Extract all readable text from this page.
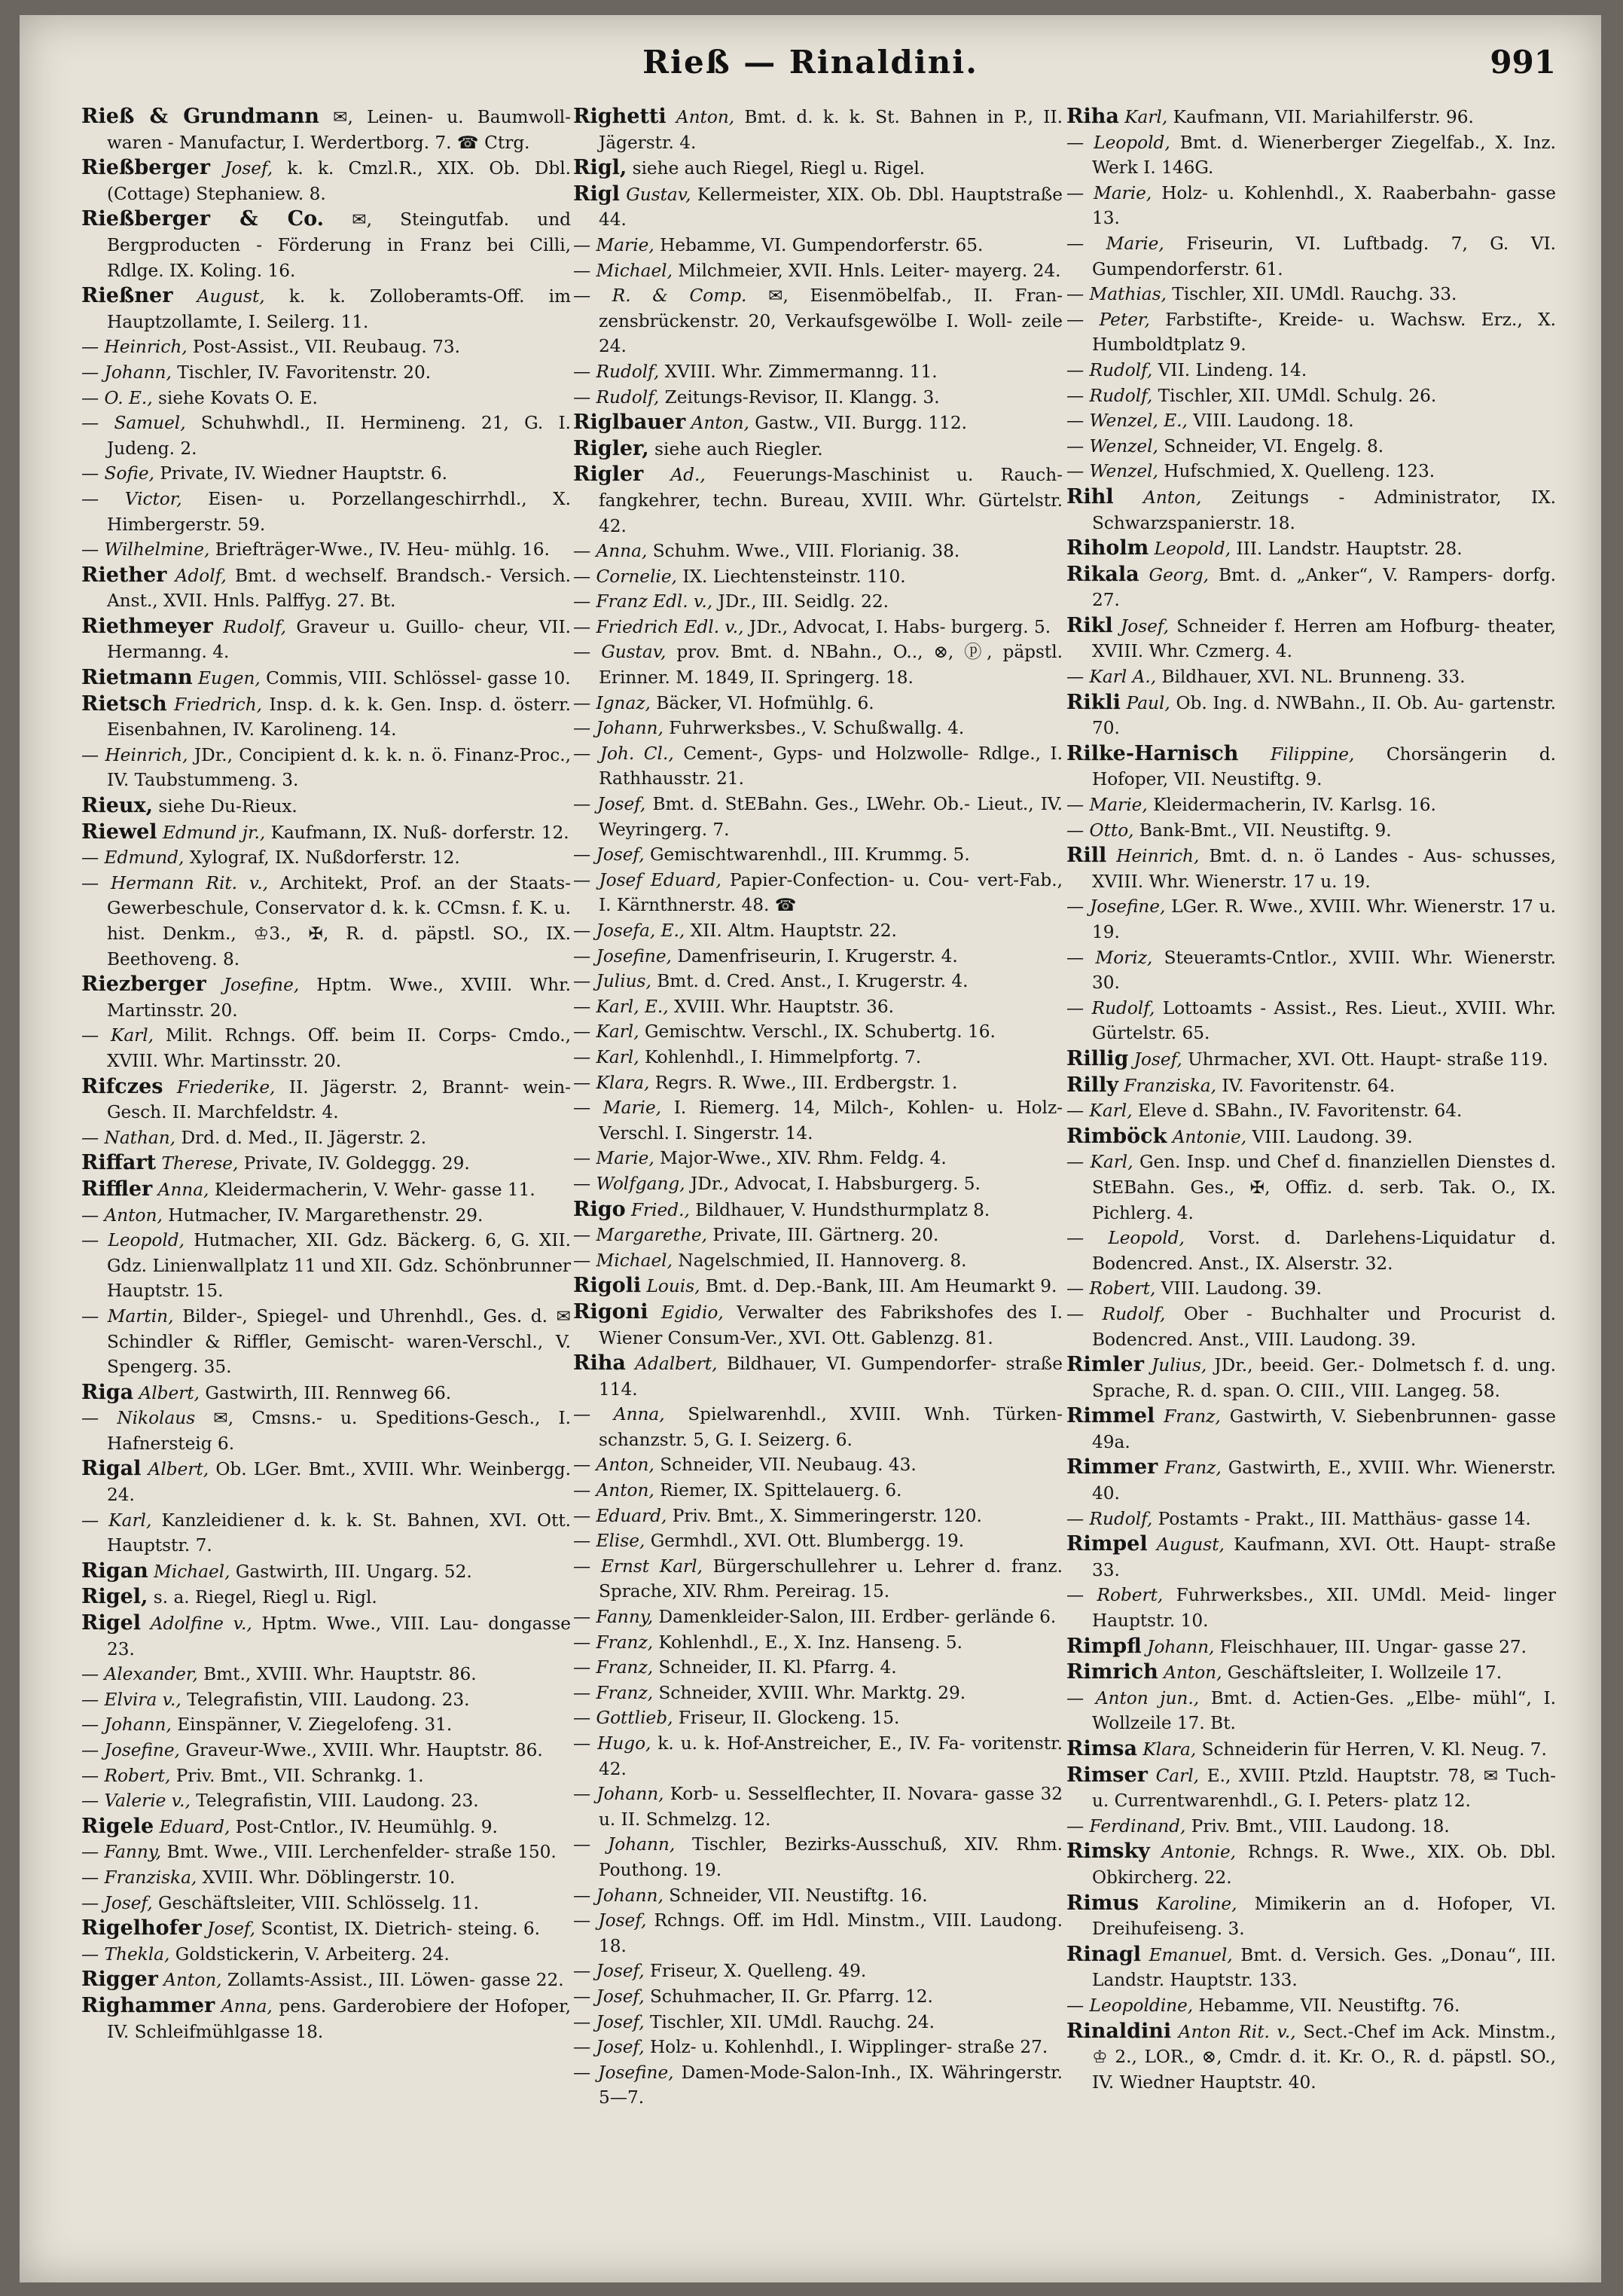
Rieß — Rinaldini.	991

Rieß & Grundmann ✉, Leinen- u. Baumwoll- waren - Manufactur, I. Werdertborg. 7. ☎ Ctrg.

Rießberger Josef, k. k. Cmzl.R., XIX. Ob. Dbl. (Cottage) Stephaniew. 8.

Rießberger & Co. ✉, Steingutfab. und Bergproducten - Förderung in Franz bei Cilli, Rdlge. IX. Koling. 16.

Rießner August, k. k. Zolloberamts-Off. im Hauptzollamte, I. Seilerg. 11.

— Heinrich, Post-Assist., VII. Reubaug. 73.

— Johann, Tischler, IV. Favoritenstr. 20.

— O. E., siehe Kovats O. E.

— Samuel, Schuhwhdl., II. Hermineng. 21, G. I. Judeng. 2.

— Sofie, Private, IV. Wiedner Hauptstr. 6.

— Victor, Eisen- u. Porzellangeschirrhdl., X. Himbergerstr. 59.

— Wilhelmine, Briefträger-Wwe., IV. Heu- mühlg. 16.

Riether Adolf, Bmt. d wechself. Brandsch.- Versich. Anst., XVII. Hnls. Palffyg. 27. Bt.

Riethmeyer Rudolf, Graveur u. Guillo- cheur, VII. Hermanng. 4.

Rietmann Eugen, Commis, VIII. Schlössel- gasse 10.

Rietsch Friedrich, Insp. d. k. k. Gen. Insp. d. österr. Eisenbahnen, IV. Karolineng. 14.

— Heinrich, JDr., Concipient d. k. k. n. ö. Finanz-Proc., IV. Taubstummeng. 3.

Rieux, siehe Du-Rieux.

Riewel Edmund jr., Kaufmann, IX. Nuß- dorferstr. 12.

— Edmund, Xylograf, IX. Nußdorferstr. 12.

— Hermann Rit. v., Architekt, Prof. an der Staats-Gewerbeschule, Conservator d. k. k. CCmsn. f. K. u. hist. Denkm., ♔3., ✠, R. d. päpstl. SO., IX. Beethoveng. 8.

Riezberger Josefine, Hptm. Wwe., XVIII. Whr. Martinsstr. 20.

— Karl, Milit. Rchngs. Off. beim II. Corps- Cmdo., XVIII. Whr. Martinsstr. 20.

Rifczes Friederike, II. Jägerstr. 2, Brannt- wein-Gesch. II. Marchfeldstr. 4.

— Nathan, Drd. d. Med., II. Jägerstr. 2.

Riffart Therese, Private, IV. Goldeggg. 29.

Riffler Anna, Kleidermacherin, V. Wehr- gasse 11.

— Anton, Hutmacher, IV. Margarethenstr. 29.

— Leopold, Hutmacher, XII. Gdz. Bäckerg. 6, G. XII. Gdz. Linienwallplatz 11 und XII. Gdz. Schönbrunner Hauptstr. 15.

— Martin, Bilder-, Spiegel- und Uhrenhdl., Ges. d. ✉ Schindler & Riffler, Gemischt- waren-Verschl., V. Spengerg. 35.

Riga Albert, Gastwirth, III. Rennweg 66.

— Nikolaus ✉, Cmsns.- u. Speditions-Gesch., I. Hafnersteig 6.

Rigal Albert, Ob. LGer. Bmt., XVIII. Whr. Weinbergg. 24.

— Karl, Kanzleidiener d. k. k. St. Bahnen, XVI. Ott. Hauptstr. 7.

Rigan Michael, Gastwirth, III. Ungarg. 52.

Rigel, s. a. Riegel, Riegl u. Rigl.

Rigel Adolfine v., Hptm. Wwe., VIII. Lau- dongasse 23.

— Alexander, Bmt., XVIII. Whr. Hauptstr. 86.

— Elvira v., Telegrafistin, VIII. Laudong. 23.

— Johann, Einspänner, V. Ziegelofeng. 31.

— Josefine, Graveur-Wwe., XVIII. Whr. Hauptstr. 86.

— Robert, Priv. Bmt., VII. Schrankg. 1.

— Valerie v., Telegrafistin, VIII. Laudong. 23.

Rigele Eduard, Post-Cntlor., IV. Heumühlg. 9.

— Fanny, Bmt. Wwe., VIII. Lerchenfelder- straße 150.

— Franziska, XVIII. Whr. Döblingerstr. 10.

— Josef, Geschäftsleiter, VIII. Schlösselg. 11.

Rigelhofer Josef, Scontist, IX. Dietrich- steing. 6.

— Thekla, Goldstickerin, V. Arbeiterg. 24.

Rigger Anton, Zollamts-Assist., III. Löwen- gasse 22.

Righammer Anna, pens. Garderobiere der Hofoper, IV. Schleifmühlgasse 18.

Righetti Anton, Bmt. d. k. k. St. Bahnen in P., II. Jägerstr. 4.

Rigl, siehe auch Riegel, Riegl u. Rigel.

Rigl Gustav, Kellermeister, XIX. Ob. Dbl. Hauptstraße 44.

— Marie, Hebamme, VI. Gumpendorferstr. 65.

— Michael, Milchmeier, XVII. Hnls. Leiter- mayerg. 24.

— R. & Comp. ✉, Eisenmöbelfab., II. Fran- zensbrückenstr. 20, Verkaufsgewölbe I. Woll- zeile 24.

— Rudolf, XVIII. Whr. Zimmermanng. 11.

— Rudolf, Zeitungs-Revisor, II. Klangg. 3.

Riglbauer Anton, Gastw., VII. Burgg. 112.

Rigler, siehe auch Riegler.

Rigler Ad., Feuerungs-Maschinist u. Rauch- fangkehrer, techn. Bureau, XVIII. Whr. Gürtelstr. 42.

— Anna, Schuhm. Wwe., VIII. Florianig. 38.

— Cornelie, IX. Liechtensteinstr. 110.

— Franz Edl. v., JDr., III. Seidlg. 22.

— Friedrich Edl. v., JDr., Advocat, I. Habs- burgerg. 5.

— Gustav, prov. Bmt. d. NBahn., O.., ⊗, ⓟ, päpstl. Erinner. M. 1849, II. Springerg. 18.

— Ignaz, Bäcker, VI. Hofmühlg. 6.

— Johann, Fuhrwerksbes., V. Schußwallg. 4.

— Joh. Cl., Cement-, Gyps- und Holzwolle- Rdlge., I. Rathhausstr. 21.

— Josef, Bmt. d. StEBahn. Ges., LWehr. Ob.- Lieut., IV. Weyringerg. 7.

— Josef, Gemischtwarenhdl., III. Krummg. 5.

— Josef Eduard, Papier-Confection- u. Cou- vert-Fab., I. Kärnthnerstr. 48. ☎

— Josefa, E., XII. Altm. Hauptstr. 22.

— Josefine, Damenfriseurin, I. Krugerstr. 4.

— Julius, Bmt. d. Cred. Anst., I. Krugerstr. 4.

— Karl, E., XVIII. Whr. Hauptstr. 36.

— Karl, Gemischtw. Verschl., IX. Schubertg. 16.

— Karl, Kohlenhdl., I. Himmelpfortg. 7.

— Klara, Regrs. R. Wwe., III. Erdbergstr. 1.

— Marie, I. Riemerg. 14, Milch-, Kohlen- u. Holz-Verschl. I. Singerstr. 14.

— Marie, Major-Wwe., XIV. Rhm. Feldg. 4.

— Wolfgang, JDr., Advocat, I. Habsburgerg. 5.

Rigo Fried., Bildhauer, V. Hundsthurmplatz 8.

— Margarethe, Private, III. Gärtnerg. 20.

— Michael, Nagelschmied, II. Hannoverg. 8.

Rigoli Louis, Bmt. d. Dep.-Bank, III. Am Heumarkt 9.

Rigoni Egidio, Verwalter des Fabrikshofes des I. Wiener Consum-Ver., XVI. Ott. Gablenzg. 81.

Riha Adalbert, Bildhauer, VI. Gumpendorfer- straße 114.

— Anna, Spielwarenhdl., XVIII. Wnh. Türken- schanzstr. 5, G. I. Seizerg. 6.

— Anton, Schneider, VII. Neubaug. 43.

— Anton, Riemer, IX. Spittelauerg. 6.

— Eduard, Priv. Bmt., X. Simmeringerstr. 120.

— Elise, Germhdl., XVI. Ott. Blumbergg. 19.

— Ernst Karl, Bürgerschullehrer u. Lehrer d. franz. Sprache, XIV. Rhm. Pereirag. 15.

— Fanny, Damenkleider-Salon, III. Erdber- gerlände 6.

— Franz, Kohlenhdl., E., X. Inz. Hanseng. 5.

— Franz, Schneider, II. Kl. Pfarrg. 4.

— Franz, Schneider, XVIII. Whr. Marktg. 29.

— Gottlieb, Friseur, II. Glockeng. 15.

— Hugo, k. u. k. Hof-Anstreicher, E., IV. Fa- voritenstr. 42.

— Johann, Korb- u. Sesselflechter, II. Novara- gasse 32 u. II. Schmelzg. 12.

— Johann, Tischler, Bezirks-Ausschuß, XIV. Rhm. Pouthong. 19.

— Johann, Schneider, VII. Neustiftg. 16.

— Josef, Rchngs. Off. im Hdl. Minstm., VIII. Laudong. 18.

— Josef, Friseur, X. Quelleng. 49.

— Josef, Schuhmacher, II. Gr. Pfarrg. 12.

— Josef, Tischler, XII. UMdl. Rauchg. 24.

— Josef, Holz- u. Kohlenhdl., I. Wipplinger- straße 27.

— Josefine, Damen-Mode-Salon-Inh., IX. Währingerstr. 5—7.

Riha Karl, Kaufmann, VII. Mariahilferstr. 96.

— Leopold, Bmt. d. Wienerberger Ziegelfab., X. Inz. Werk I. 146G.

— Marie, Holz- u. Kohlenhdl., X. Raaberbahn- gasse 13.

— Marie, Friseurin, VI. Luftbadg. 7, G. VI. Gumpendorferstr. 61.

— Mathias, Tischler, XII. UMdl. Rauchg. 33.

— Peter, Farbstifte-, Kreide- u. Wachsw. Erz., X. Humboldtplatz 9.

— Rudolf, VII. Lindeng. 14.

— Rudolf, Tischler, XII. UMdl. Schulg. 26.

— Wenzel, E., VIII. Laudong. 18.

— Wenzel, Schneider, VI. Engelg. 8.

— Wenzel, Hufschmied, X. Quelleng. 123.

Rihl Anton, Zeitungs - Administrator, IX. Schwarzspanierstr. 18.

Riholm Leopold, III. Landstr. Hauptstr. 28.

Rikala Georg, Bmt. d. „Anker“, V. Rampers- dorfg. 27.

Rikl Josef, Schneider f. Herren am Hofburg- theater, XVIII. Whr. Czmerg. 4.

— Karl A., Bildhauer, XVI. NL. Brunneng. 33.

Rikli Paul, Ob. Ing. d. NWBahn., II. Ob. Au- gartenstr. 70.

Rilke-Harnisch Filippine, Chorsängerin d. Hofoper, VII. Neustiftg. 9.

— Marie, Kleidermacherin, IV. Karlsg. 16.

— Otto, Bank-Bmt., VII. Neustiftg. 9.

Rill Heinrich, Bmt. d. n. ö Landes - Aus- schusses, XVIII. Whr. Wienerstr. 17 u. 19.

— Josefine, LGer. R. Wwe., XVIII. Whr. Wienerstr. 17 u. 19.

— Moriz, Steueramts-Cntlor., XVIII. Whr. Wienerstr. 30.

— Rudolf, Lottoamts - Assist., Res. Lieut., XVIII. Whr. Gürtelstr. 65.

Rillig Josef, Uhrmacher, XVI. Ott. Haupt- straße 119.

Rilly Franziska, IV. Favoritenstr. 64.

— Karl, Eleve d. SBahn., IV. Favoritenstr. 64.

Rimböck Antonie, VIII. Laudong. 39.

— Karl, Gen. Insp. und Chef d. finanziellen Dienstes d. StEBahn. Ges., ✠, Offiz. d. serb. Tak. O., IX. Pichlerg. 4.

— Leopold, Vorst. d. Darlehens-Liquidatur d. Bodencred. Anst., IX. Alserstr. 32.

— Robert, VIII. Laudong. 39.

— Rudolf, Ober - Buchhalter und Procurist d. Bodencred. Anst., VIII. Laudong. 39.

Rimler Julius, JDr., beeid. Ger.- Dolmetsch f. d. ung. Sprache, R. d. span. O. CIII., VIII. Langeg. 58.

Rimmel Franz, Gastwirth, V. Siebenbrunnen- gasse 49a.

Rimmer Franz, Gastwirth, E., XVIII. Whr. Wienerstr. 40.

— Rudolf, Postamts - Prakt., III. Matthäus- gasse 14.

Rimpel August, Kaufmann, XVI. Ott. Haupt- straße 33.

— Robert, Fuhrwerksbes., XII. UMdl. Meid- linger Hauptstr. 10.

Rimpfl Johann, Fleischhauer, III. Ungar- gasse 27.

Rimrich Anton, Geschäftsleiter, I. Wollzeile 17.

— Anton jun., Bmt. d. Actien-Ges. „Elbe- mühl“, I. Wollzeile 17. Bt.

Rimsa Klara, Schneiderin für Herren, V. Kl. Neug. 7.

Rimser Carl, E., XVIII. Ptzld. Hauptstr. 78, ✉ Tuch- u. Currentwarenhdl., G. I. Peters- platz 12.

— Ferdinand, Priv. Bmt., VIII. Laudong. 18.

Rimsky Antonie, Rchngs. R. Wwe., XIX. Ob. Dbl. Obkircherg. 22.

Rimus Karoline, Mimikerin an d. Hofoper, VI. Dreihufeiseng. 3.

Rinagl Emanuel, Bmt. d. Versich. Ges. „Donau“, III. Landstr. Hauptstr. 133.

— Leopoldine, Hebamme, VII. Neustiftg. 76.

Rinaldini Anton Rit. v., Sect.-Chef im Ack. Minstm., ♔ 2., LOR., ⊗, Cmdr. d. it. Kr. O., R. d. päpstl. SO., IV. Wiedner Hauptstr. 40.
